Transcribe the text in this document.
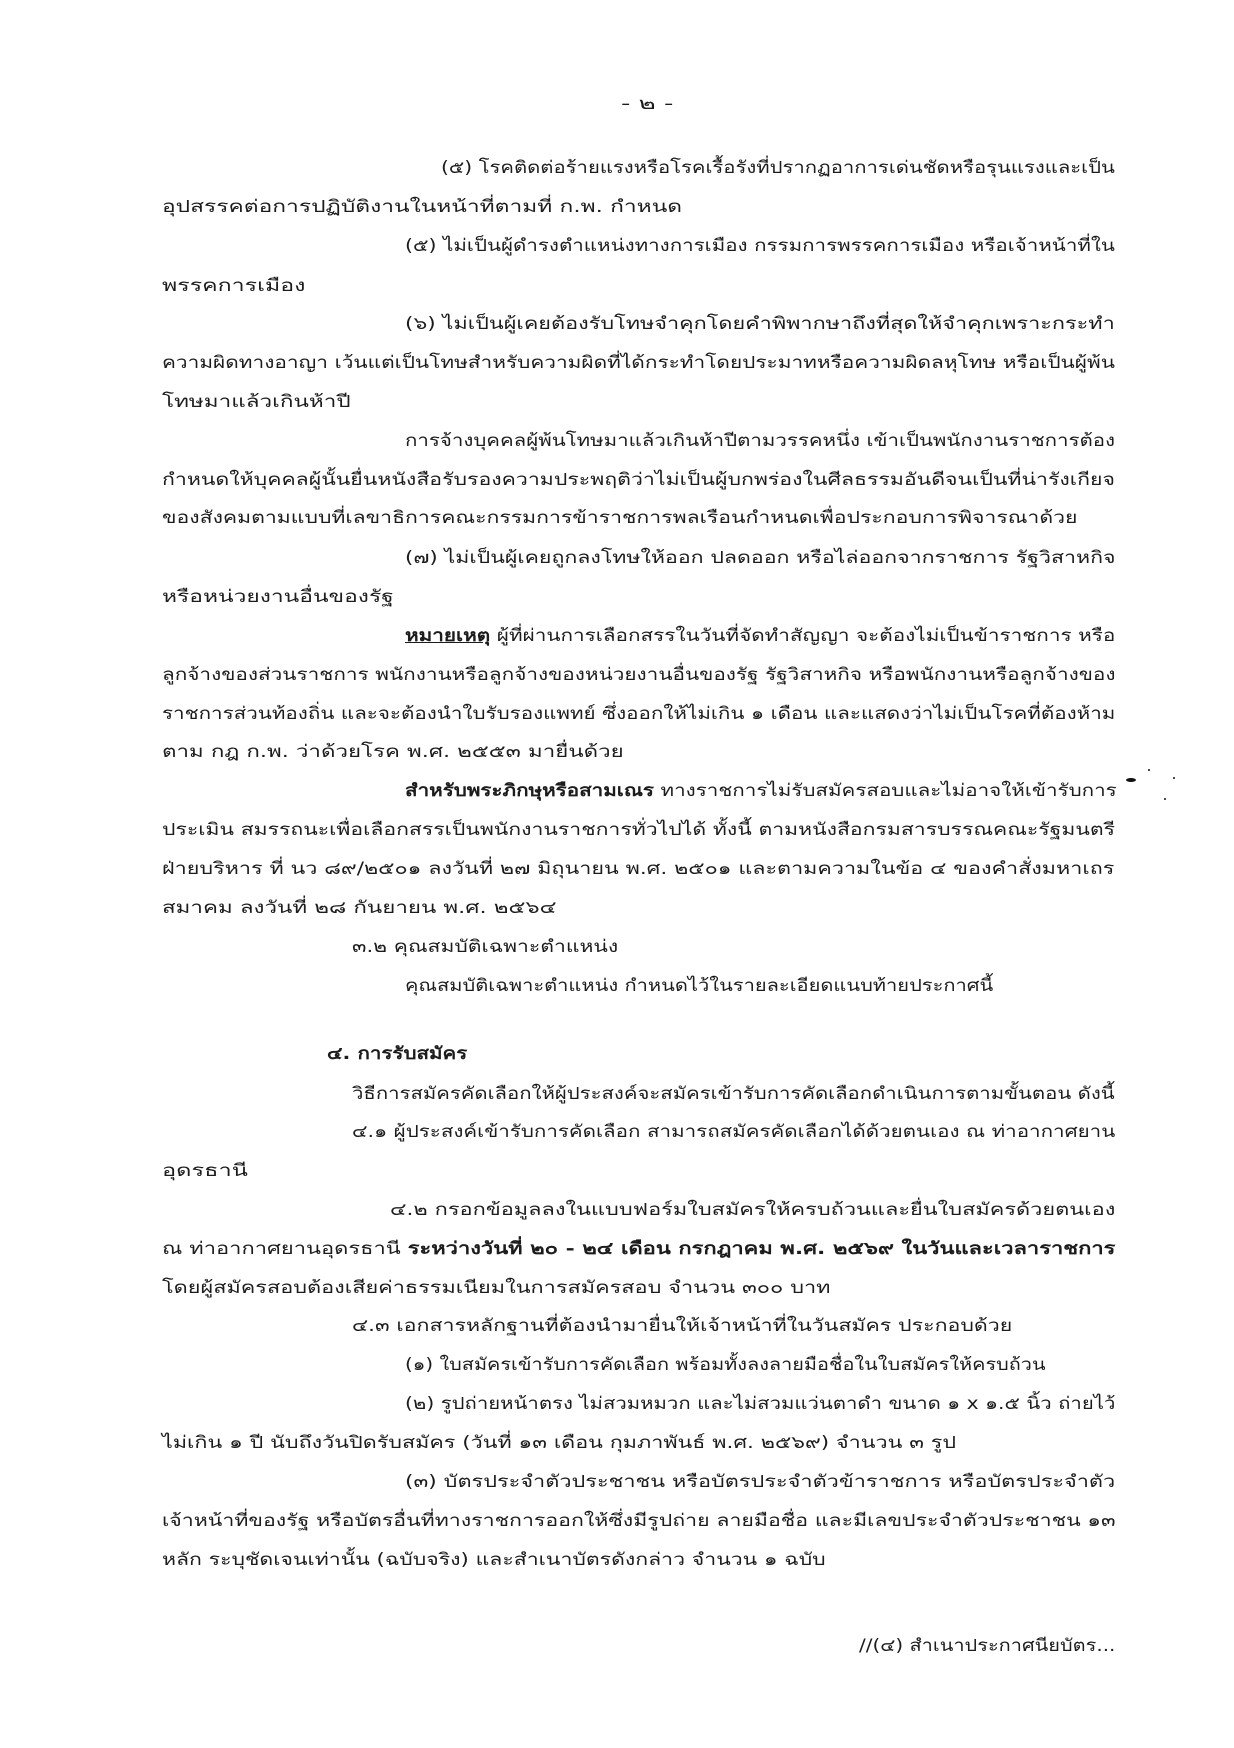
- ๒ -

(๕) โรคติดต่อร้ายแรงหรือโรคเรื้อรังที่ปรากฏอาการเด่นชัดหรือรุนแรงและเป็น

อุปสรรคต่อการปฏิบัติงานในหน้าที่ตามที่ ก.พ. กำหนด

(๕) ไม่เป็นผู้ดำรงตำแหน่งทางการเมือง กรรมการพรรคการเมือง หรือเจ้าหน้าที่ใน

พรรคการเมือง

(๖) ไม่เป็นผู้เคยต้องรับโทษจำคุกโดยคำพิพากษาถึงที่สุดให้จำคุกเพราะกระทำ

ความผิดทางอาญา เว้นแต่เป็นโทษสำหรับความผิดที่ได้กระทำโดยประมาทหรือความผิดลหุโทษ หรือเป็นผู้พ้น

โทษมาแล้วเกินห้าปี

การจ้างบุคคลผู้พ้นโทษมาแล้วเกินห้าปีตามวรรคหนึ่ง เข้าเป็นพนักงานราชการต้อง

กำหนดให้บุคคลผู้นั้นยื่นหนังสือรับรองความประพฤติว่าไม่เป็นผู้บกพร่องในศีลธรรมอันดีจนเป็นที่น่ารังเกียจ

ของสังคมตามแบบที่เลขาธิการคณะกรรมการข้าราชการพลเรือนกำหนดเพื่อประกอบการพิจารณาด้วย

(๗) ไม่เป็นผู้เคยถูกลงโทษให้ออก ปลดออก หรือไล่ออกจากราชการ รัฐวิสาหกิจ

หรือหน่วยงานอื่นของรัฐ

หมายเหตุ ผู้ที่ผ่านการเลือกสรรในวันที่จัดทำสัญญา จะต้องไม่เป็นข้าราชการ หรือ

ลูกจ้างของส่วนราชการ พนักงานหรือลูกจ้างของหน่วยงานอื่นของรัฐ รัฐวิสาหกิจ หรือพนักงานหรือลูกจ้างของ

ราชการส่วนท้องถิ่น และจะต้องนำใบรับรองแพทย์ ซึ่งออกให้ไม่เกิน ๑ เดือน และแสดงว่าไม่เป็นโรคที่ต้องห้าม

ตาม กฎ ก.พ. ว่าด้วยโรค พ.ศ. ๒๕๕๓ มายื่นด้วย

สำหรับพระภิกษุหรือสามเณร ทางราชการไม่รับสมัครสอบและไม่อาจให้เข้ารับการ

ประเมิน สมรรถนะเพื่อเลือกสรรเป็นพนักงานราชการทั่วไปได้ ทั้งนี้ ตามหนังสือกรมสารบรรณคณะรัฐมนตรี

ฝ่ายบริหาร ที่ นว ๘๙/๒๕๐๑ ลงวันที่ ๒๗ มิถุนายน พ.ศ. ๒๕๐๑ และตามความในข้อ ๔ ของคำสั่งมหาเถร

สมาคม ลงวันที่ ๒๘ กันยายน พ.ศ. ๒๕๖๔

๓.๒ คุณสมบัติเฉพาะตำแหน่ง

คุณสมบัติเฉพาะตำแหน่ง กำหนดไว้ในรายละเอียดแนบท้ายประกาศนี้

๔. การรับสมัคร

วิธีการสมัครคัดเลือกให้ผู้ประสงค์จะสมัครเข้ารับการคัดเลือกดำเนินการตามขั้นตอน ดังนี้

๔.๑ ผู้ประสงค์เข้ารับการคัดเลือก สามารถสมัครคัดเลือกได้ด้วยตนเอง ณ ท่าอากาศยาน

อุดรธานี

๔.๒ กรอกข้อมูลลงในแบบฟอร์มใบสมัครให้ครบถ้วนและยื่นใบสมัครด้วยตนเอง

ณ ท่าอากาศยานอุดรธานี ระหว่างวันที่ ๒๐ - ๒๔ เดือน กรกฎาคม พ.ศ. ๒๕๖๙ ในวันและเวลาราชการ

โดยผู้สมัครสอบต้องเสียค่าธรรมเนียมในการสมัครสอบ จำนวน ๓๐๐ บาท

๔.๓ เอกสารหลักฐานที่ต้องนำมายื่นให้เจ้าหน้าที่ในวันสมัคร ประกอบด้วย

(๑) ใบสมัครเข้ารับการคัดเลือก พร้อมทั้งลงลายมือชื่อในใบสมัครให้ครบถ้วน

(๒) รูปถ่ายหน้าตรง ไม่สวมหมวก และไม่สวมแว่นตาดำ ขนาด ๑ x ๑.๕ นิ้ว ถ่ายไว้

ไม่เกิน ๑ ปี นับถึงวันปิดรับสมัคร (วันที่ ๑๓ เดือน กุมภาพันธ์ พ.ศ. ๒๕๖๙) จำนวน ๓ รูป

(๓) บัตรประจำตัวประชาชน หรือบัตรประจำตัวข้าราชการ หรือบัตรประจำตัว

เจ้าหน้าที่ของรัฐ หรือบัตรอื่นที่ทางราชการออกให้ซึ่งมีรูปถ่าย ลายมือชื่อ และมีเลขประจำตัวประชาชน ๑๓

หลัก ระบุชัดเจนเท่านั้น (ฉบับจริง) และสำเนาบัตรดังกล่าว จำนวน ๑ ฉบับ

//(๔) สำเนาประกาศนียบัตร...
